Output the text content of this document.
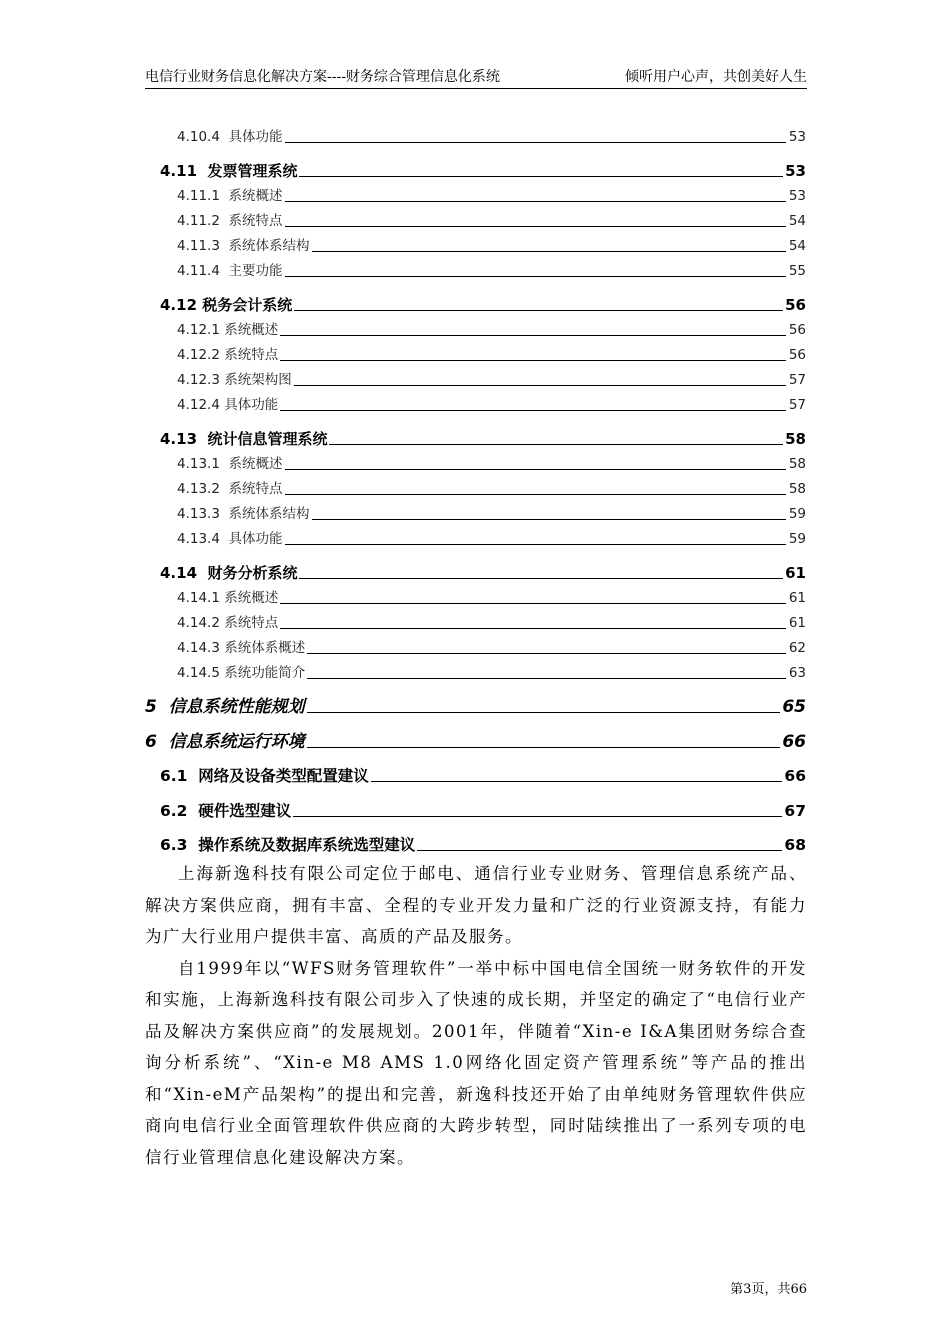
电信行业财务信息化解决方案----财务综合管理信息化系统	倾听用户心声，共创美好人生
4.10.4  具体功能	53
4.11  发票管理系统	53
4.11.1  系统概述	53
4.11.2  系统特点	54
4.11.3  系统体系结构	54
4.11.4  主要功能	55
4.12 税务会计系统	56
4.12.1 系统概述	56
4.12.2 系统特点	56
4.12.3 系统架构图	57
4.12.4 具体功能	57
4.13  统计信息管理系统	58
4.13.1  系统概述	58
4.13.2  系统特点	58
4.13.3  系统体系结构	59
4.13.4  具体功能	59
4.14  财务分析系统	61
4.14.1 系统概述	61
4.14.2 系统特点	61
4.14.3 系统体系概述	62
4.14.5 系统功能简介	63
5  信息系统性能规划	65
6  信息系统运行环境	66
6.1  网络及设备类型配置建议	66
6.2  硬件选型建议	67
6.3  操作系统及数据库系统选型建议	68

上海新逸科技有限公司定位于邮电、通信行业专业财务、管理信息系统产品、解决方案供应商，拥有丰富、全程的专业开发力量和广泛的行业资源支持，有能力为广大行业用户提供丰富、高质的产品及服务。

自1999年以“WFS财务管理软件”一举中标中国电信全国统一财务软件的开发和实施，上海新逸科技有限公司步入了快速的成长期，并坚定的确定了“电信行业产品及解决方案供应商”的发展规划。2001年，伴随着“Xin-e I&A集团财务综合查询分析系统”、“Xin-e M8 AMS 1.0网络化固定资产管理系统”等产品的推出和“Xin-eM产品架构”的提出和完善，新逸科技还开始了由单纯财务管理软件供应商向电信行业全面管理软件供应商的大跨步转型，同时陆续推出了一系列专项的电信行业管理信息化建设解决方案。

第3页，共66
